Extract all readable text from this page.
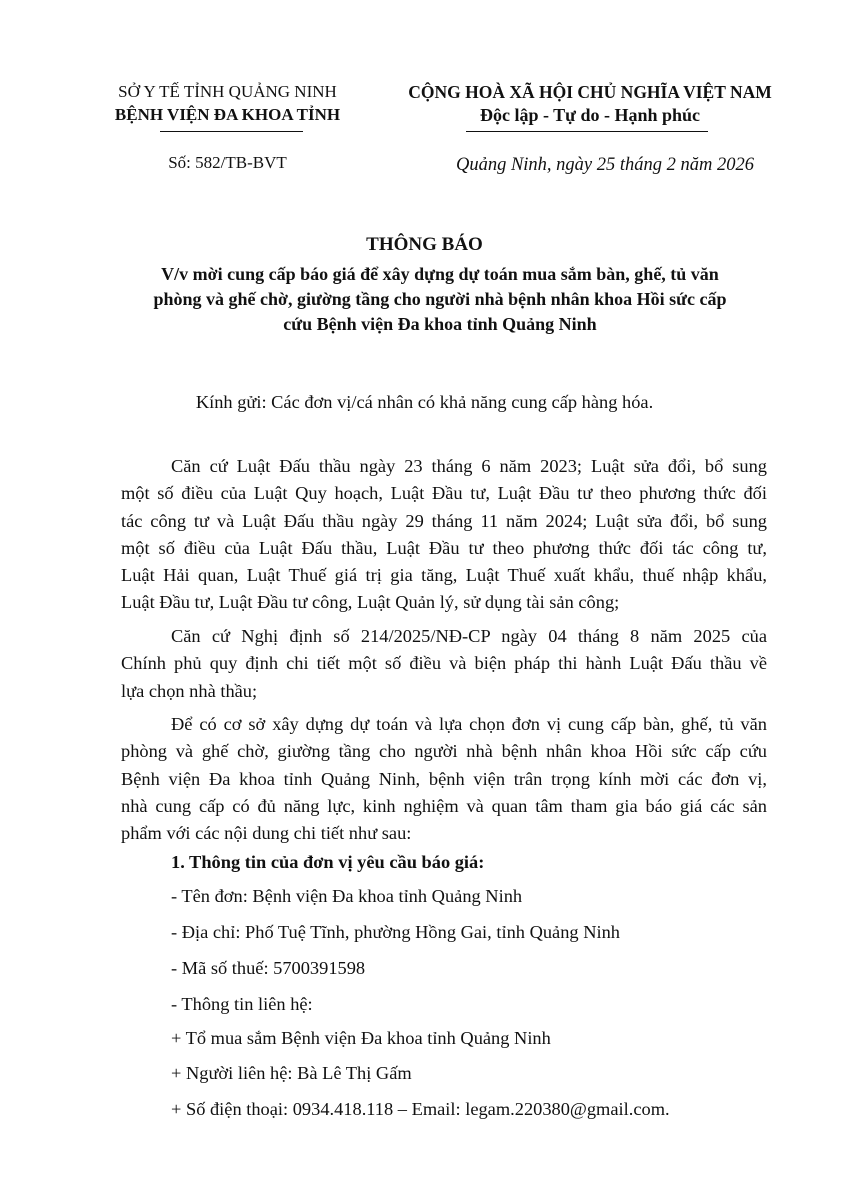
SỞ Y TẾ TỈNH QUẢNG NINH
BỆNH VIỆN ĐA KHOA TỈNH
Số: 582/TB-BVT
CỘNG HOÀ XÃ HỘI CHỦ NGHĨA VIỆT NAM
Độc lập - Tự do - Hạnh phúc
Quảng Ninh, ngày 25 tháng 2 năm 2026
THÔNG BÁO
V/v mời cung cấp báo giá để xây dựng dự toán mua sắm bàn, ghế, tủ văn
phòng và ghế chờ, giường tầng cho người nhà bệnh nhân khoa Hồi sức cấp
cứu Bệnh viện Đa khoa tỉnh Quảng Ninh
Kính gửi: Các đơn vị/cá nhân có khả năng cung cấp hàng hóa.
Căn cứ Luật Đấu thầu ngày 23 tháng 6 năm 2023; Luật sửa đổi, bổ sung
một số điều của Luật Quy hoạch, Luật Đầu tư, Luật Đầu tư theo phương thức đối
tác công tư và Luật Đấu thầu ngày 29 tháng 11 năm 2024; Luật sửa đổi, bổ sung
một số điều của Luật Đấu thầu, Luật Đầu tư theo phương thức đối tác công tư,
Luật Hải quan, Luật Thuế giá trị gia tăng, Luật Thuế xuất khẩu, thuế nhập khẩu,
Luật Đầu tư, Luật Đầu tư công, Luật Quản lý, sử dụng tài sản công;
Căn cứ Nghị định số 214/2025/NĐ-CP ngày 04 tháng 8 năm 2025 của
Chính phủ quy định chi tiết một số điều và biện pháp thi hành Luật Đấu thầu về
lựa chọn nhà thầu;
Để có cơ sở xây dựng dự toán và lựa chọn đơn vị cung cấp bàn, ghế, tủ văn
phòng và ghế chờ, giường tầng cho người nhà bệnh nhân khoa Hồi sức cấp cứu
Bệnh viện Đa khoa tỉnh Quảng Ninh, bệnh viện trân trọng kính mời các đơn vị,
nhà cung cấp có đủ năng lực, kinh nghiệm và quan tâm tham gia báo giá các sản
phẩm với các nội dung chi tiết như sau:
1. Thông tin của đơn vị yêu cầu báo giá:
- Tên đơn: Bệnh viện Đa khoa tỉnh Quảng Ninh
- Địa chỉ: Phố Tuệ Tĩnh, phường Hồng Gai, tỉnh Quảng Ninh
- Mã số thuế: 5700391598
- Thông tin liên hệ:
+ Tổ mua sắm Bệnh viện Đa khoa tỉnh Quảng Ninh
+ Người liên hệ: Bà Lê Thị Gấm
+ Số điện thoại: 0934.418.118 – Email: legam.220380@gmail.com.
